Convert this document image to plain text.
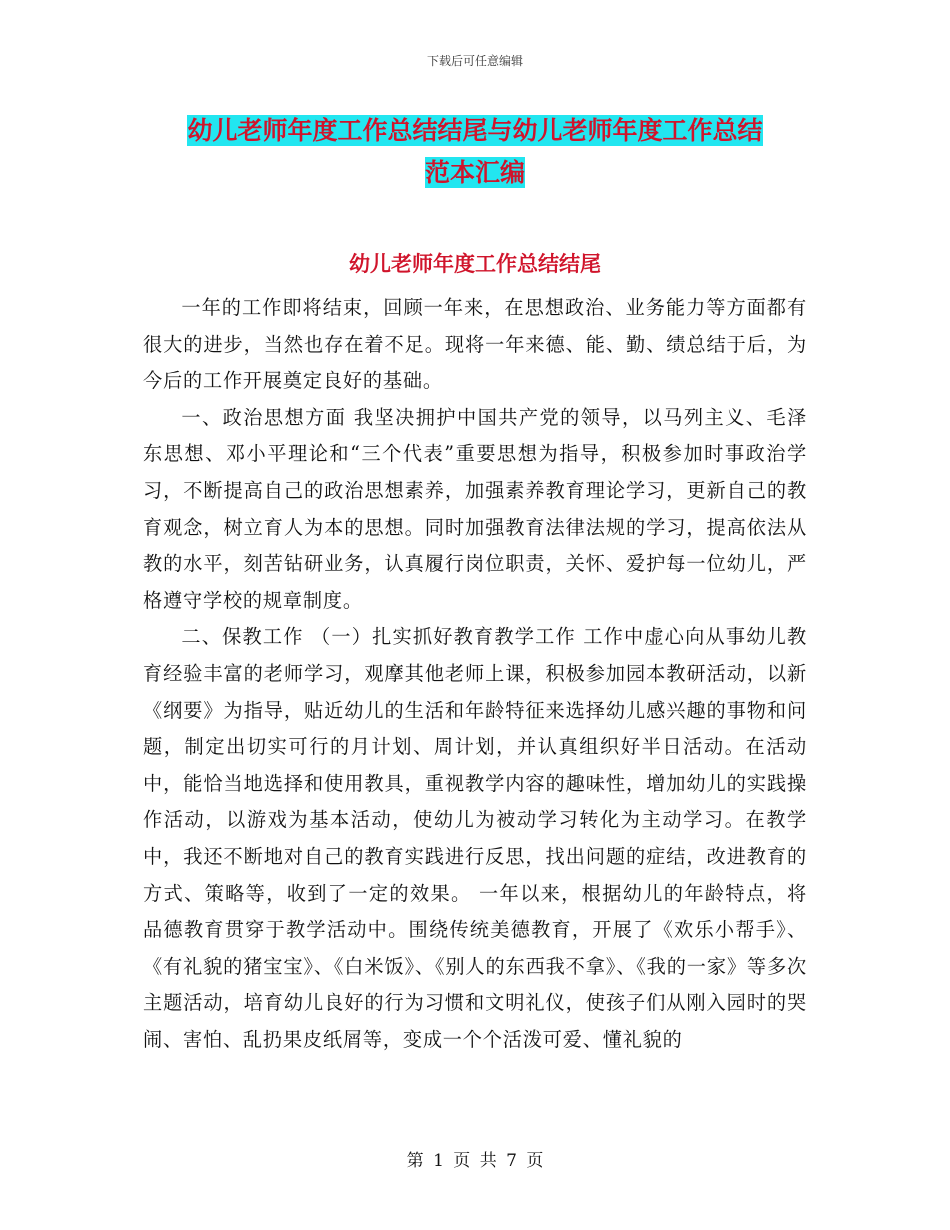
下载后可任意编辑
幼儿老师年度工作总结结尾与幼儿老师年度工作总结
范本汇编
幼儿老师年度工作总结结尾

一年的工作即将结束，回顾一年来，在思想政治、业务能力等方面都有很大的进步，当然也存在着不足。现将一年来德、能、勤、绩总结于后，为今后的工作开展奠定良好的基础。

一、政治思想方面 我坚决拥护中国共产党的领导，以马列主义、毛泽东思想、邓小平理论和“三个代表”重要思想为指导，积极参加时事政治学习，不断提高自己的政治思想素养，加强素养教育理论学习，更新自己的教育观念，树立育人为本的思想。同时加强教育法律法规的学习，提高依法从教的水平，刻苦钻研业务，认真履行岗位职责，关怀、爱护每一位幼儿，严格遵守学校的规章制度。

二、保教工作 （一）扎实抓好教育教学工作 工作中虚心向从事幼儿教育经验丰富的老师学习，观摩其他老师上课，积极参加园本教研活动，以新《纲要》为指导，贴近幼儿的生活和年龄特征来选择幼儿感兴趣的事物和问题，制定出切实可行的月计划、周计划，并认真组织好半日活动。在活动中，能恰当地选择和使用教具，重视教学内容的趣味性，增加幼儿的实践操作活动，以游戏为基本活动，使幼儿为被动学习转化为主动学习。在教学中，我还不断地对自己的教育实践进行反思，找出问题的症结，改进教育的方式、策略等，收到了一定的效果。 一年以来，根据幼儿的年龄特点，将品德教育贯穿于教学活动中。围绕传统美德教育，开展了《欢乐小帮手》、《有礼貌的猪宝宝》、《白米饭》、《别人的东西我不拿》、《我的一家》等多次主题活动，培育幼儿良好的行为习惯和文明礼仪，使孩子们从刚入园时的哭闹、害怕、乱扔果皮纸屑等，变成一个个活泼可爱、懂礼貌的

第 1 页 共 7 页
